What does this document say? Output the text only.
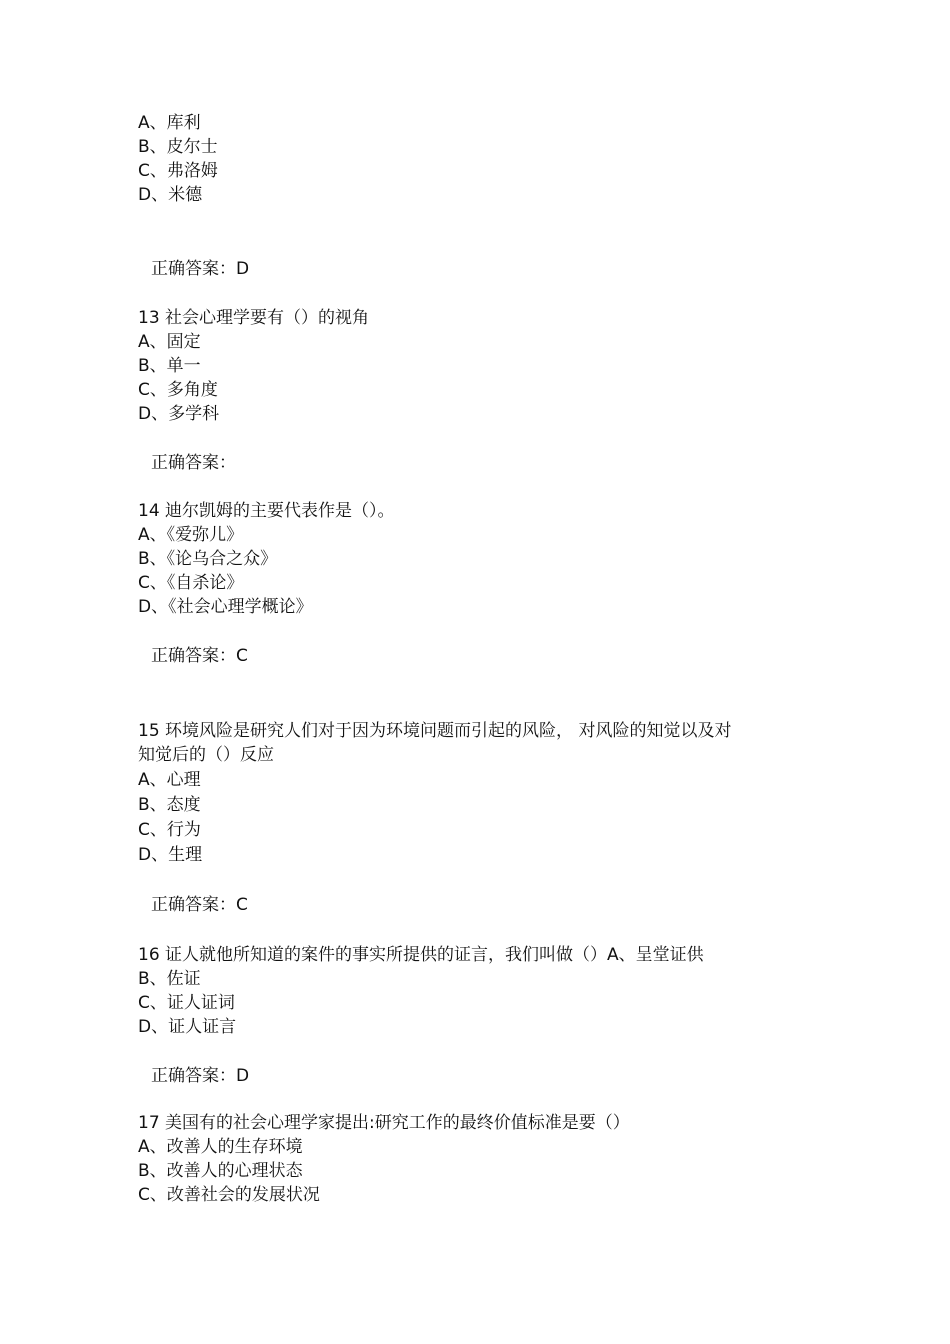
A、库利
B、皮尔士
C、弗洛姆
D、米德
正确答案：D
13 社会心理学要有（）的视角
A、固定
B、单一
C、多角度
D、多学科
正确答案：
14 迪尔凯姆的主要代表作是（）。
A、《爱弥儿》
B、《论乌合之众》
C、《自杀论》
D、《社会心理学概论》
正确答案：C
15 环境风险是研究人们对于因为环境问题而引起的风险， 对风险的知觉以及对
知觉后的（）反应
A、心理
B、态度
C、行为
D、生理
正确答案：C
16 证人就他所知道的案件的事实所提供的证言，我们叫做（）A、呈堂证供
B、佐证
C、证人证词
D、证人证言
正确答案：D
17 美国有的社会心理学家提出:研究工作的最终价值标准是要（）
A、改善人的生存环境
B、改善人的心理状态
C、改善社会的发展状况
